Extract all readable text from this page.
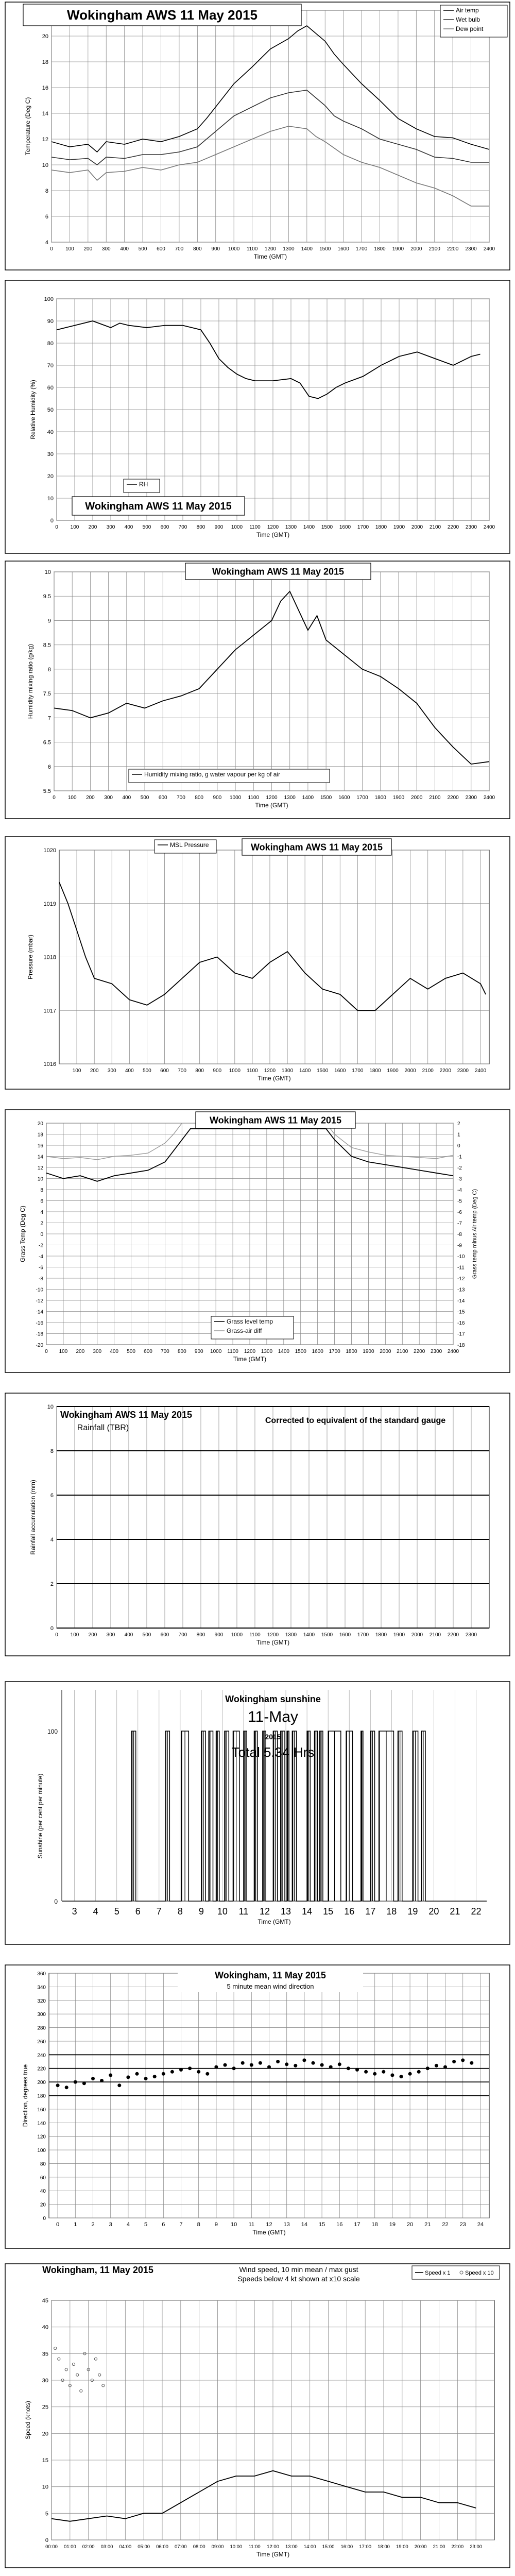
0 100 200 300 400 500 600 700 800 900 1000 1100 1200 1300 1400 1500 1600 1700 1800 1900 2000 2100 2200 2300 2400
4
6
8
10
12
14
16
18
20
Time (GMT)
Temperature (Deg C)
Wokingham AWS 11 May 2015	Air temp
Wet bulb
Dew point
0 100 200 300 400 500 600 700 800 900 1000 1100 1200 1300 1400 1500 1600 1700 1800 1900 2000 2100 2200 2300 2400
0
10
20
30
40
50
60
70
80
90
100
Time (GMT)
Relative Humidity (%)
RH
Wokingham AWS 11 May 2015
0 100 200 300 400 500 600 700 800 900 1000 1100 1200 1300 1400 1500 1600 1700 1800 1900 2000 2100 2200 2300 2400
5.5
6
6.5
7
7.5
8
8.5
9
9.5
10
Time (GMT)
Humidity mixing ratio (g/kg)
Wokingham AWS 11 May 2015
Humidity mixing ratio, g water vapour per kg of air
100 200 300 400 500 600 700 800 900 1000 1100 1200 1300 1400 1500 1600 1700 1800 1900 2000 2100 2200 2300 2400
1016
1017
1018
1019
1020
Time (GMT)
Pressure (mbar)
MSL Pressure	Wokingham AWS 11 May 2015
0 100 200 300 400 500 600 700 800 900 1000 1100 1200 1300 1400 1500 1600 1700 1800 1900 2000 2100 2200 2300 2400
-20
-18
-16
-14
-12
-10
-8
-6
-4
-2
0
2
4
6
8
10
12
14
16
18
20
Time (GMT)
Grass Temp (Deg C)
-18
-17
-16
-15
-14
-13
-12
-11
-10
-9
-8
-7
-6
-5
-4
-3
-2
-1
0
1
2
Grass temp minus Air temp (Deg C)
Wokingham AWS 11 May 2015
Grass level temp
Grass-air diff
0 100 200 300 400 500 600 700 800 900 1000 1100 1200 1300 1400 1500 1600 1700 1800 1900 2000 2100 2200 2300
0
2
4
6
8
10
Time (GMT)
Rainfall accumulation (mm)
Wokingham AWS 11 May 2015
Rainfall (TBR)
Corrected to equivalent of the standard gauge
3 4 5 6 7 8 9 10 11 12 13 14 15 16 17 18 19 20 21 22
0
100
Sunshine (per cent per minute)
Time (GMT)
Wokingham sunshine
11-May
2015
Total 5.34 Hrs
0	1	2	3	4	5	6	7	8	9 10 11 12 13 14 15 16 17 18 19 20 21 22 23 24
0
20
40
60
80
100
120
140
160
180
200
220
240
260
280
300
320
340
360
Time (GMT)
Direction, degrees true
Wokingham, 11 May 2015
5 minute mean wind direction
00:00 01:00 02:00 03:00 04:00 05:00 06:00 07:00 08:00 09:00 10:00 11:00 12:00 13:00 14:00 15:00 16:00 17:00 18:00 19:00 20:00 21:00 22:00 23:00
0
5
10
15
20
25
30
35
40
45
Time (GMT)
Speed (knots)
Wokingham, 11 May 2015	Wind speed, 10 min mean / max gust
Speeds below 4 kt shown at x10 scale
Speed x 1	Speed x 10
